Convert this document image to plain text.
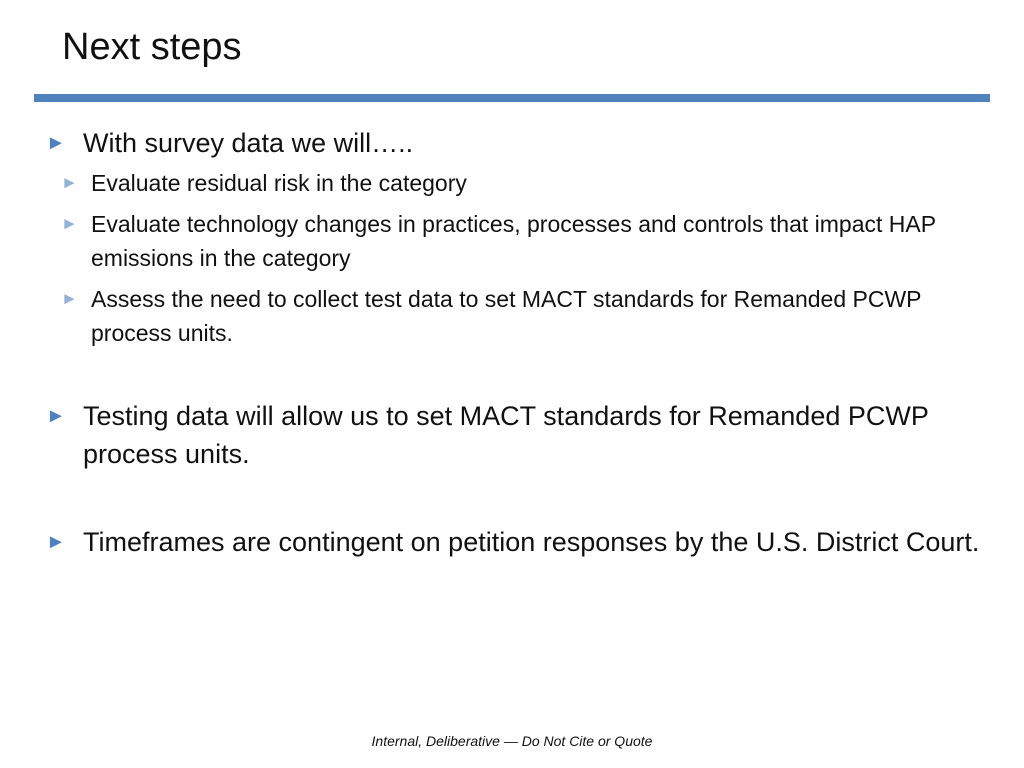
Next steps
► With survey data we will…..
► Evaluate residual risk in the category
► Evaluate technology changes in practices, processes and controls that impact HAP emissions in the category
► Assess the need to collect test data to set MACT standards for Remanded PCWP process units.
► Testing data will allow us to set MACT standards for Remanded PCWP process units.
► Timeframes are contingent on petition responses by the U.S. District Court.
Internal, Deliberative — Do Not Cite or Quote
